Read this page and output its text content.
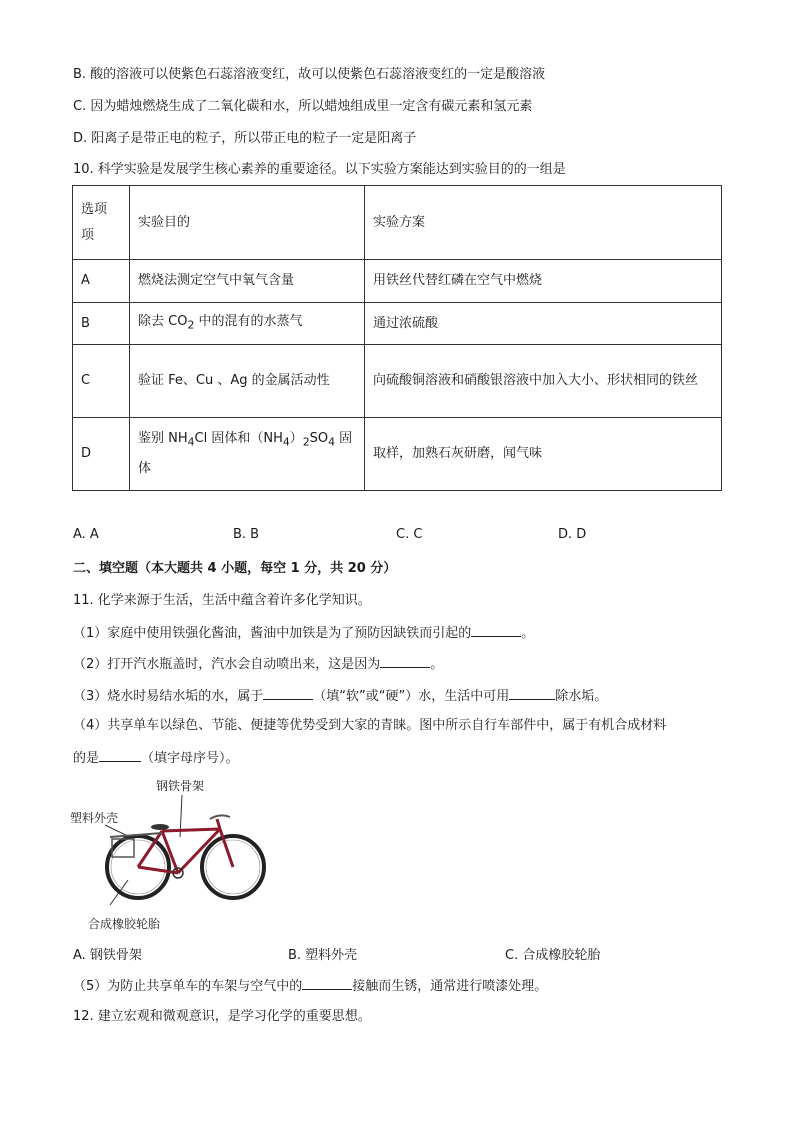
B. 酸的溶液可以使紫色石蕊溶液变红，故可以使紫色石蕊溶液变红的一定是酸溶液
C. 因为蜡烛燃烧生成了二氧化碳和水，所以蜡烛组成里一定含有碳元素和氢元素
D. 阳离子是带正电的粒子，所以带正电的粒子一定是阳离子
10. 科学实验是发展学生核心素养的重要途径。以下实验方案能达到实验目的的一组是
选项
项	实验目的	实验方案
A	燃烧法测定空气中氧气含量	用铁丝代替红磷在空气中燃烧
B	除去 $CO_2$ 中的混有的水蒸气	通过浓硫酸
C	验证 Fe、Cu 、Ag 的金属活动性	向硫酸铜溶液和硝酸银溶液中加入大小、形状相同的铁丝
D	鉴别 $NH_4Cl$ 固体和$(NH_4)_2SO_4$ 固体	取样，加熟石灰研磨，闻气味
A. A	B. B	C. C	D. D
二、填空题（本大题共 4 小题，每空 1 分，共 20 分）
11. 化学来源于生活，生活中蕴含着许多化学知识。
（1）家庭中使用铁强化酱油，酱油中加铁是为了预防因缺铁而引起的	。
（2）打开汽水瓶盖时，汽水会自动喷出来，这是因为	。
（3）烧水时易结水垢的水，属于	（填“软”或“硬”）水，生活中可用	除水垢。
（4）共享单车以绿色、节能、便捷等优势受到大家的青睐。图中所示自行车部件中，属于有机合成材料
的是	（填字母序号）。
钢铁骨架
塑料外壳
合成橡胶轮胎
A. 钢铁骨架	B. 塑料外壳	C. 合成橡胶轮胎
（5）为防止共享单车的车架与空气中的	接触而生锈，通常进行喷漆处理。
12. 建立宏观和微观意识，是学习化学的重要思想。
